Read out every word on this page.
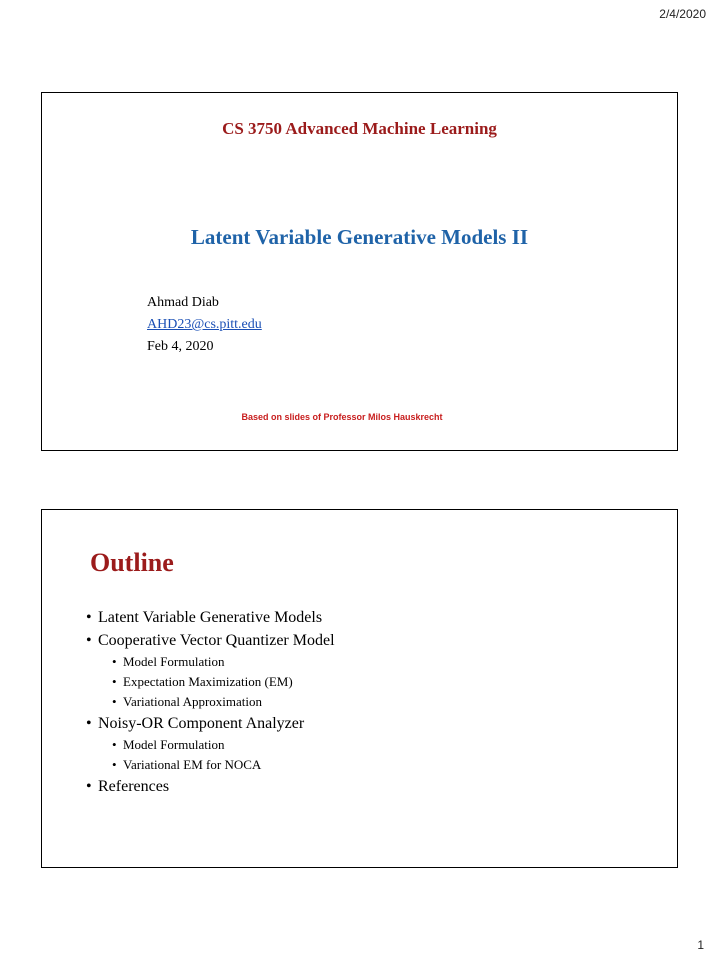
2/4/2020
CS 3750 Advanced Machine Learning
Latent Variable Generative Models II
Ahmad Diab
AHD23@cs.pitt.edu
Feb 4, 2020
Based on slides of Professor Milos Hauskrecht
Outline
• Latent Variable Generative Models
• Cooperative Vector Quantizer Model
• Model Formulation
• Expectation Maximization (EM)
• Variational Approximation
• Noisy-OR Component Analyzer
• Model Formulation
• Variational EM for NOCA
• References
1
